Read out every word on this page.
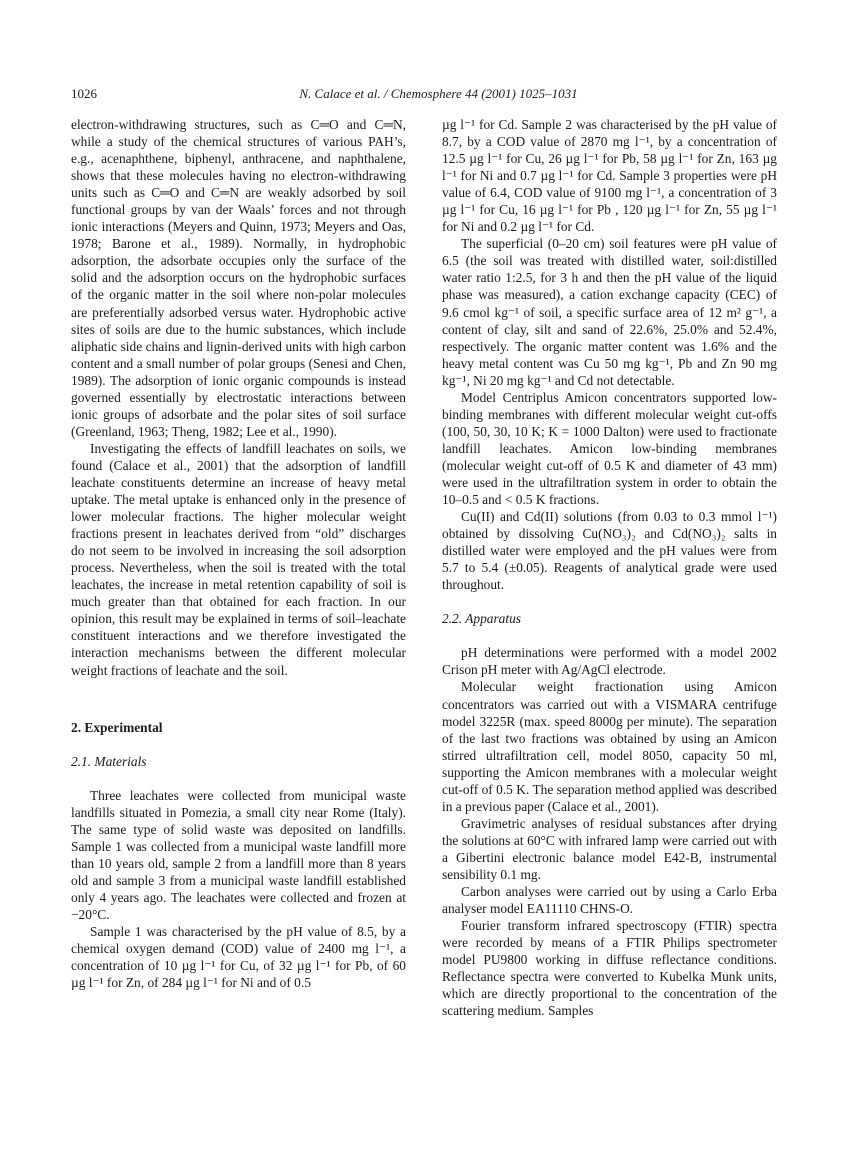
1026	N. Calace et al. / Chemosphere 44 (2001) 1025–1031

electron-withdrawing structures, such as C═O and C═N, while a study of the chemical structures of various PAH’s, e.g., acenaphthene, biphenyl, anthracene, and naphthalene, shows that these molecules having no electron-withdrawing units such as C═O and C═N are weakly adsorbed by soil functional groups by van der Waals’ forces and not through ionic interactions (Meyers and Quinn, 1973; Meyers and Oas, 1978; Barone et al., 1989). Normally, in hydrophobic adsorption, the adsorbate occupies only the surface of the solid and the adsorption occurs on the hydrophobic surfaces of the organic matter in the soil where non-polar molecules are preferentially adsorbed versus water. Hydrophobic active sites of soils are due to the humic substances, which include aliphatic side chains and lignin-derived units with high carbon content and a small number of polar groups (Senesi and Chen, 1989). The adsorption of ionic organic compounds is instead governed essentially by electrostatic interactions between ionic groups of adsorbate and the polar sites of soil surface (Greenland, 1963; Theng, 1982; Lee et al., 1990).

Investigating the effects of landfill leachates on soils, we found (Calace et al., 2001) that the adsorption of landfill leachate constituents determine an increase of heavy metal uptake. The metal uptake is enhanced only in the presence of lower molecular fractions. The higher molecular weight fractions present in leachates derived from “old” discharges do not seem to be involved in increasing the soil adsorption process. Nevertheless, when the soil is treated with the total leachates, the increase in metal retention capability of soil is much greater than that obtained for each fraction. In our opinion, this result may be explained in terms of soil–leachate constituent interactions and we therefore investigated the interaction mechanisms between the different molecular weight fractions of leachate and the soil.

2. Experimental

2.1. Materials

Three leachates were collected from municipal waste landfills situated in Pomezia, a small city near Rome (Italy). The same type of solid waste was deposited on landfills. Sample 1 was collected from a municipal waste landfill more than 10 years old, sample 2 from a landfill more than 8 years old and sample 3 from a municipal waste landfill established only 4 years ago. The leachates were collected and frozen at −20°C.

Sample 1 was characterised by the pH value of 8.5, by a chemical oxygen demand (COD) value of 2400 mg l⁻¹, a concentration of 10 µg l⁻¹ for Cu, of 32 µg l⁻¹ for Pb, of 60 µg l⁻¹ for Zn, of 284 µg l⁻¹ for Ni and of 0.5

µg l⁻¹ for Cd. Sample 2 was characterised by the pH value of 8.7, by a COD value of 2870 mg l⁻¹, by a concentration of 12.5 µg l⁻¹ for Cu, 26 µg l⁻¹ for Pb, 58 µg l⁻¹ for Zn, 163 µg l⁻¹ for Ni and 0.7 µg l⁻¹ for Cd. Sample 3 properties were pH value of 6.4, COD value of 9100 mg l⁻¹, a concentration of 3 µg l⁻¹ for Cu, 16 µg l⁻¹ for Pb , 120 µg l⁻¹ for Zn, 55 µg l⁻¹ for Ni and 0.2 µg l⁻¹ for Cd.

The superficial (0–20 cm) soil features were pH value of 6.5 (the soil was treated with distilled water, soil:distilled water ratio 1:2.5, for 3 h and then the pH value of the liquid phase was measured), a cation exchange capacity (CEC) of 9.6 cmol kg⁻¹ of soil, a specific surface area of 12 m² g⁻¹, a content of clay, silt and sand of 22.6%, 25.0% and 52.4%, respectively. The organic matter content was 1.6% and the heavy metal content was Cu 50 mg kg⁻¹, Pb and Zn 90 mg kg⁻¹, Ni 20 mg kg⁻¹ and Cd not detectable.

Model Centriplus Amicon concentrators supported low-binding membranes with different molecular weight cut-offs (100, 50, 30, 10 K; K = 1000 Dalton) were used to fractionate landfill leachates. Amicon low-binding membranes (molecular weight cut-off of 0.5 K and diameter of 43 mm) were used in the ultrafiltration system in order to obtain the 10–0.5 and < 0.5 K fractions.

Cu(II) and Cd(II) solutions (from 0.03 to 0.3 mmol l⁻¹) obtained by dissolving Cu(NO₃)₂ and Cd(NO₃)₂ salts in distilled water were employed and the pH values were from 5.7 to 5.4 (±0.05). Reagents of analytical grade were used throughout.

2.2. Apparatus

pH determinations were performed with a model 2002 Crison pH meter with Ag/AgCl electrode.

Molecular weight fractionation using Amicon concentrators was carried out with a VISMARA centrifuge model 3225R (max. speed 8000g per minute). The separation of the last two fractions was obtained by using an Amicon stirred ultrafiltration cell, model 8050, capacity 50 ml, supporting the Amicon membranes with a molecular weight cut-off of 0.5 K. The separation method applied was described in a previous paper (Calace et al., 2001).

Gravimetric analyses of residual substances after drying the solutions at 60°C with infrared lamp were carried out with a Gibertini electronic balance model E42-B, instrumental sensibility 0.1 mg.

Carbon analyses were carried out by using a Carlo Erba analyser model EA11110 CHNS-O.

Fourier transform infrared spectroscopy (FTIR) spectra were recorded by means of a FTIR Philips spectrometer model PU9800 working in diffuse reflectance conditions. Reflectance spectra were converted to Kubelka Munk units, which are directly proportional to the concentration of the scattering medium. Samples
